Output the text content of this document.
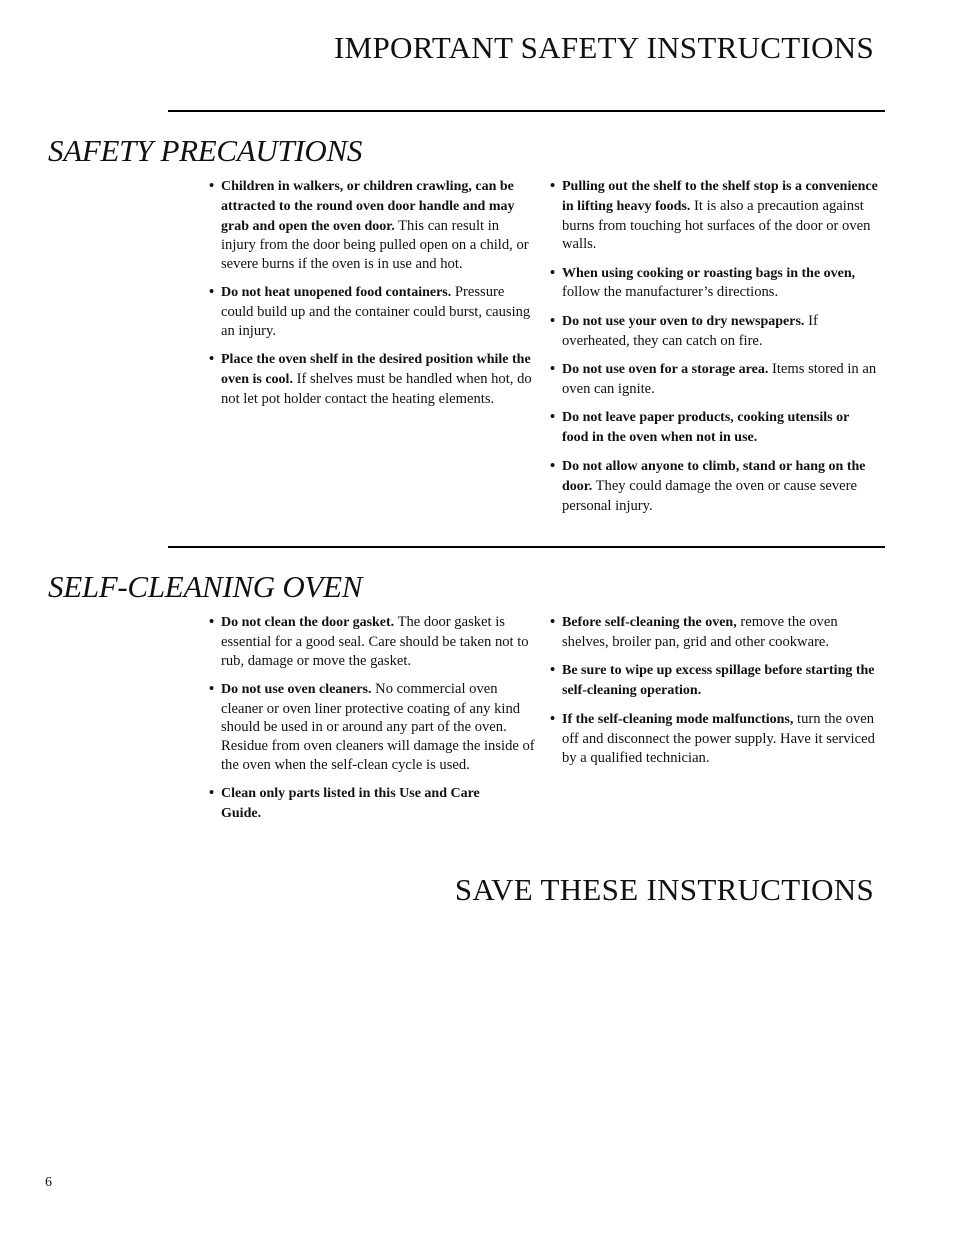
IMPORTANT SAFETY INSTRUCTIONS
SAFETY PRECAUTIONS

• Children in walkers, or children crawling, can be attracted to the round oven door handle and may grab and open the oven door. This can result in injury from the door being pulled open on a child, or severe burns if the oven is in use and hot.

• Do not heat unopened food containers. Pressure could build up and the container could burst, causing an injury.

• Place the oven shelf in the desired position while the oven is cool. If shelves must be handled when hot, do not let pot holder contact the heating elements.

• Pulling out the shelf to the shelf stop is a convenience in lifting heavy foods. It is also a precaution against burns from touching hot surfaces of the door or oven walls.

• When using cooking or roasting bags in the oven, follow the manufacturer’s directions.

• Do not use your oven to dry newspapers. If overheated, they can catch on fire.

• Do not use oven for a storage area. Items stored in an oven can ignite.

• Do not leave paper products, cooking utensils or food in the oven when not in use.

• Do not allow anyone to climb, stand or hang on the door. They could damage the oven or cause severe personal injury.

SELF-CLEANING OVEN

• Do not clean the door gasket. The door gasket is essential for a good seal. Care should be taken not to rub, damage or move the gasket.

• Do not use oven cleaners. No commercial oven cleaner or oven liner protective coating of any kind should be used in or around any part of the oven. Residue from oven cleaners will damage the inside of the oven when the self-clean cycle is used.

• Clean only parts listed in this Use and Care Guide.

• Before self-cleaning the oven, remove the oven shelves, broiler pan, grid and other cookware.

• Be sure to wipe up excess spillage before starting the self-cleaning operation.

• If the self-cleaning mode malfunctions, turn the oven off and disconnect the power supply. Have it serviced by a qualified technician.

SAVE THESE INSTRUCTIONS
6
